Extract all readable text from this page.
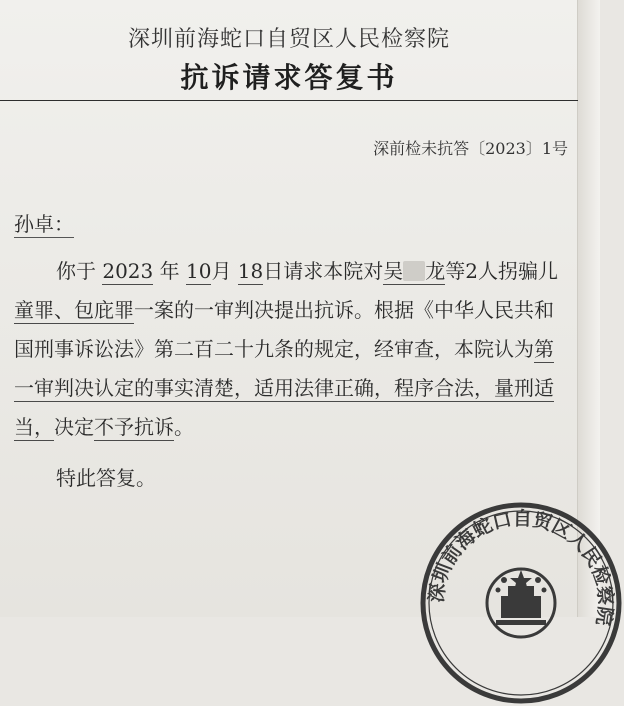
深圳前海蛇口自贸区人民检察院
抗诉请求答复书
深前检未抗答〔2023〕1号
孙卓：
你于 2023 年 10月 18日请求本院对吴 龙等2人拐骗儿
童罪、包庇罪一案的一审判决提出抗诉。根据《中华人民共和
国刑事诉讼法》第二百二十九条的规定，经审查，本院认为第
一审判决认定的事实清楚，适用法律正确，程序合法，量刑适
当，决定不予抗诉。
特此答复。
深圳前海蛇口自贸区人民检察院
